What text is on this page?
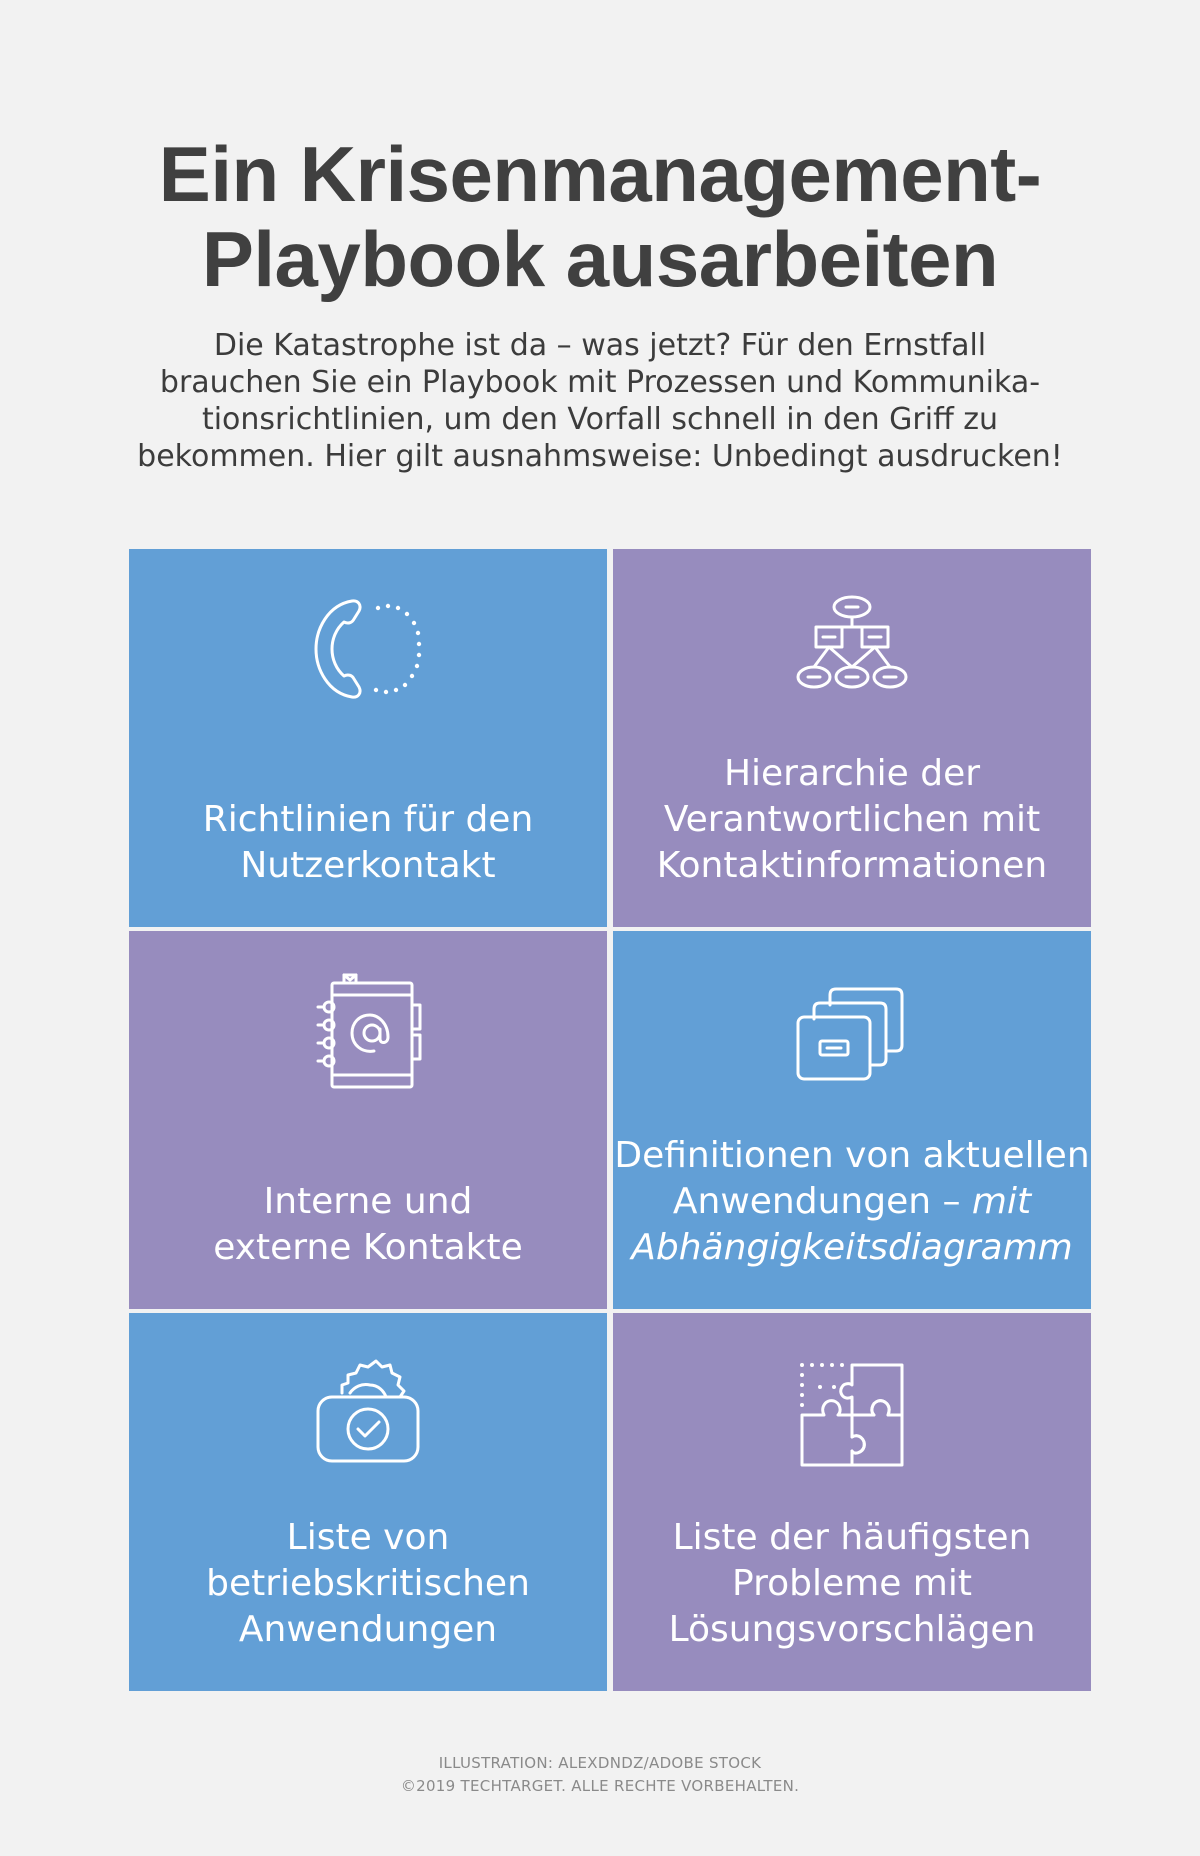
Ein Krisenmanagement-
Playbook ausarbeiten

Die Katastrophe ist da – was jetzt? Für den Ernstfall
brauchen Sie ein Playbook mit Prozessen und Kommunika-
tionsrichtlinien, um den Vorfall schnell in den Griff zu
bekommen. Hier gilt ausnahmsweise: Unbedingt ausdrucken!

Richtlinien für den
Nutzerkontakt
Hierarchie der
Verantwortlichen mit
Kontaktinformationen
Interne und
externe Kontakte
Definitionen von aktuellen
Anwendungen – mit
Abhängigkeitsdiagramm
Liste von
betriebskritischen
Anwendungen
Liste der häufigsten
Probleme mit
Lösungsvorschlägen
ILLUSTRATION: ALEXDNDZ/ADOBE STOCK
©2019 TECHTARGET. ALLE RECHTE VORBEHALTEN.
